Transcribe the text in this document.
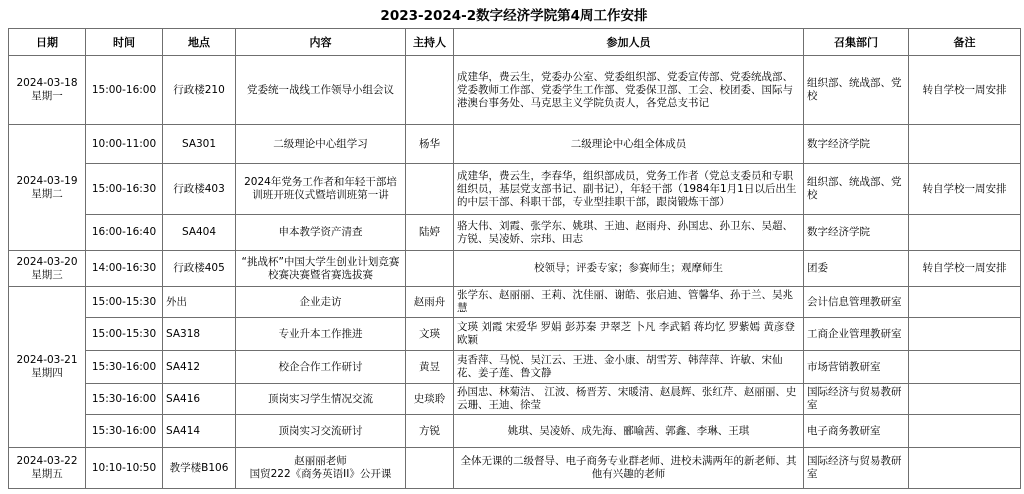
2023-2024-2数字经济学院第4周工作安排
日期	时间	地点	内容	主持人	参加人员	召集部门	备注

2024-03-18
星期一	15:00-16:00	行政楼210	党委统一战线工作领导小组会议		成建华，费云生，党委办公室、党委组织部、党委宣传部、党委统战部、党委教师工作部、党委学生工作部、党委保卫部、工会、校团委、国际与港澳台事务处、马克思主义学院负责人，各党总支书记	组织部、统战部、党校	转自学校一周安排

2024-03-19
星期二	10:00-11:00	SA301	二级理论中心组学习	杨华	二级理论中心组全体成员	数字经济学院	
	15:00-16:30	行政楼403	2024年党务工作者和年轻干部培训班开班仪式暨培训班第一讲		成建华，费云生，李春华，组织部成员，党务工作者（党总支委员和专职组织员，基层党支部书记、副书记），年轻干部（1984年1月1日以后出生的中层干部、科职干部，专业型挂职干部，跟岗锻炼干部）	组织部、统战部、党校	转自学校一周安排
	16:00-16:40	SA404	申本教学资产清查	陆婷	骆大伟、刘霞、张学东、姚琪、王迪、赵雨舟、孙国忠、孙卫东、吴超、方锐、吴凌娇、宗玮、田志	数字经济学院	

2024-03-20
星期三	14:00-16:30	行政楼405	“挑战杯”中国大学生创业计划竞赛校赛决赛暨省赛选拔赛		校领导；评委专家；参赛师生；观摩师生	团委	转自学校一周安排

2024-03-21
星期四	15:00-15:30	外出	企业走访	赵雨舟	张学东、赵丽丽、王莉、沈佳丽、谢皓、张启迪、管馨华、孙于兰、吴兆慧	会计信息管理教研室	
	15:00-15:30	SA318	专业升本工作推进	文瑛	文瑛 刘霞 宋爱华 罗娟 彭苏秦 尹翠芝 卜凡 李武韬 蒋均忆 罗紫嫣 黄彦登 欧颖	工商企业管理教研室	
	15:30-16:00	SA412	校企合作工作研讨	黄昱	夷香萍、马悦、吴江云、王进、金小康、胡雪芳、韩萍萍、许敏、宋仙花、姜子莲、鲁文静	市场营销教研室	
	15:30-16:00	SA416	顶岗实习学生情况交流	史琰聆	孙国忠、林菊洁、 江波、杨晋芳、宋暖清、赵晨辉、张红芹、赵丽丽、史云珊、王迪、徐莹	国际经济与贸易教研室	
	15:30-16:00	SA414	顶岗实习交流研讨	方锐	姚琪、吴凌娇、成先海、郦喻茜、郭鑫、李琳、王琪	电子商务教研室	

2024-03-22
星期五	10:10-10:50	教学楼B106	赵丽丽老师
国贸222《商务英语II》公开课		全体无课的二级督导、电子商务专业群老师、进校未满两年的新老师、其他有兴趣的老师	国际经济与贸易教研室	
